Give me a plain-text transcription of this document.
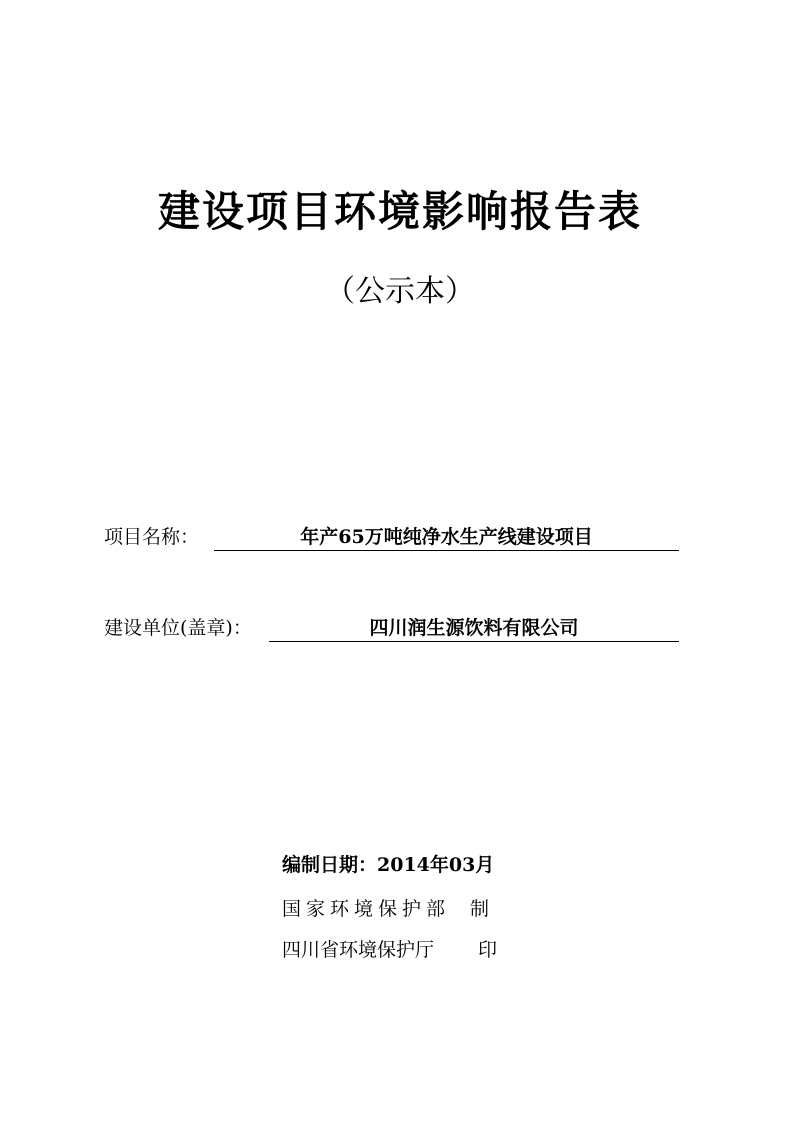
建设项目环境影响报告表
（公示本）
项目名称：	年产65万吨纯净水生产线建设项目
建设单位(盖章)：	四川润生源饮料有限公司
编制日期：2014年03月
国家环境保护部 制
四川省环境保护厅 印
